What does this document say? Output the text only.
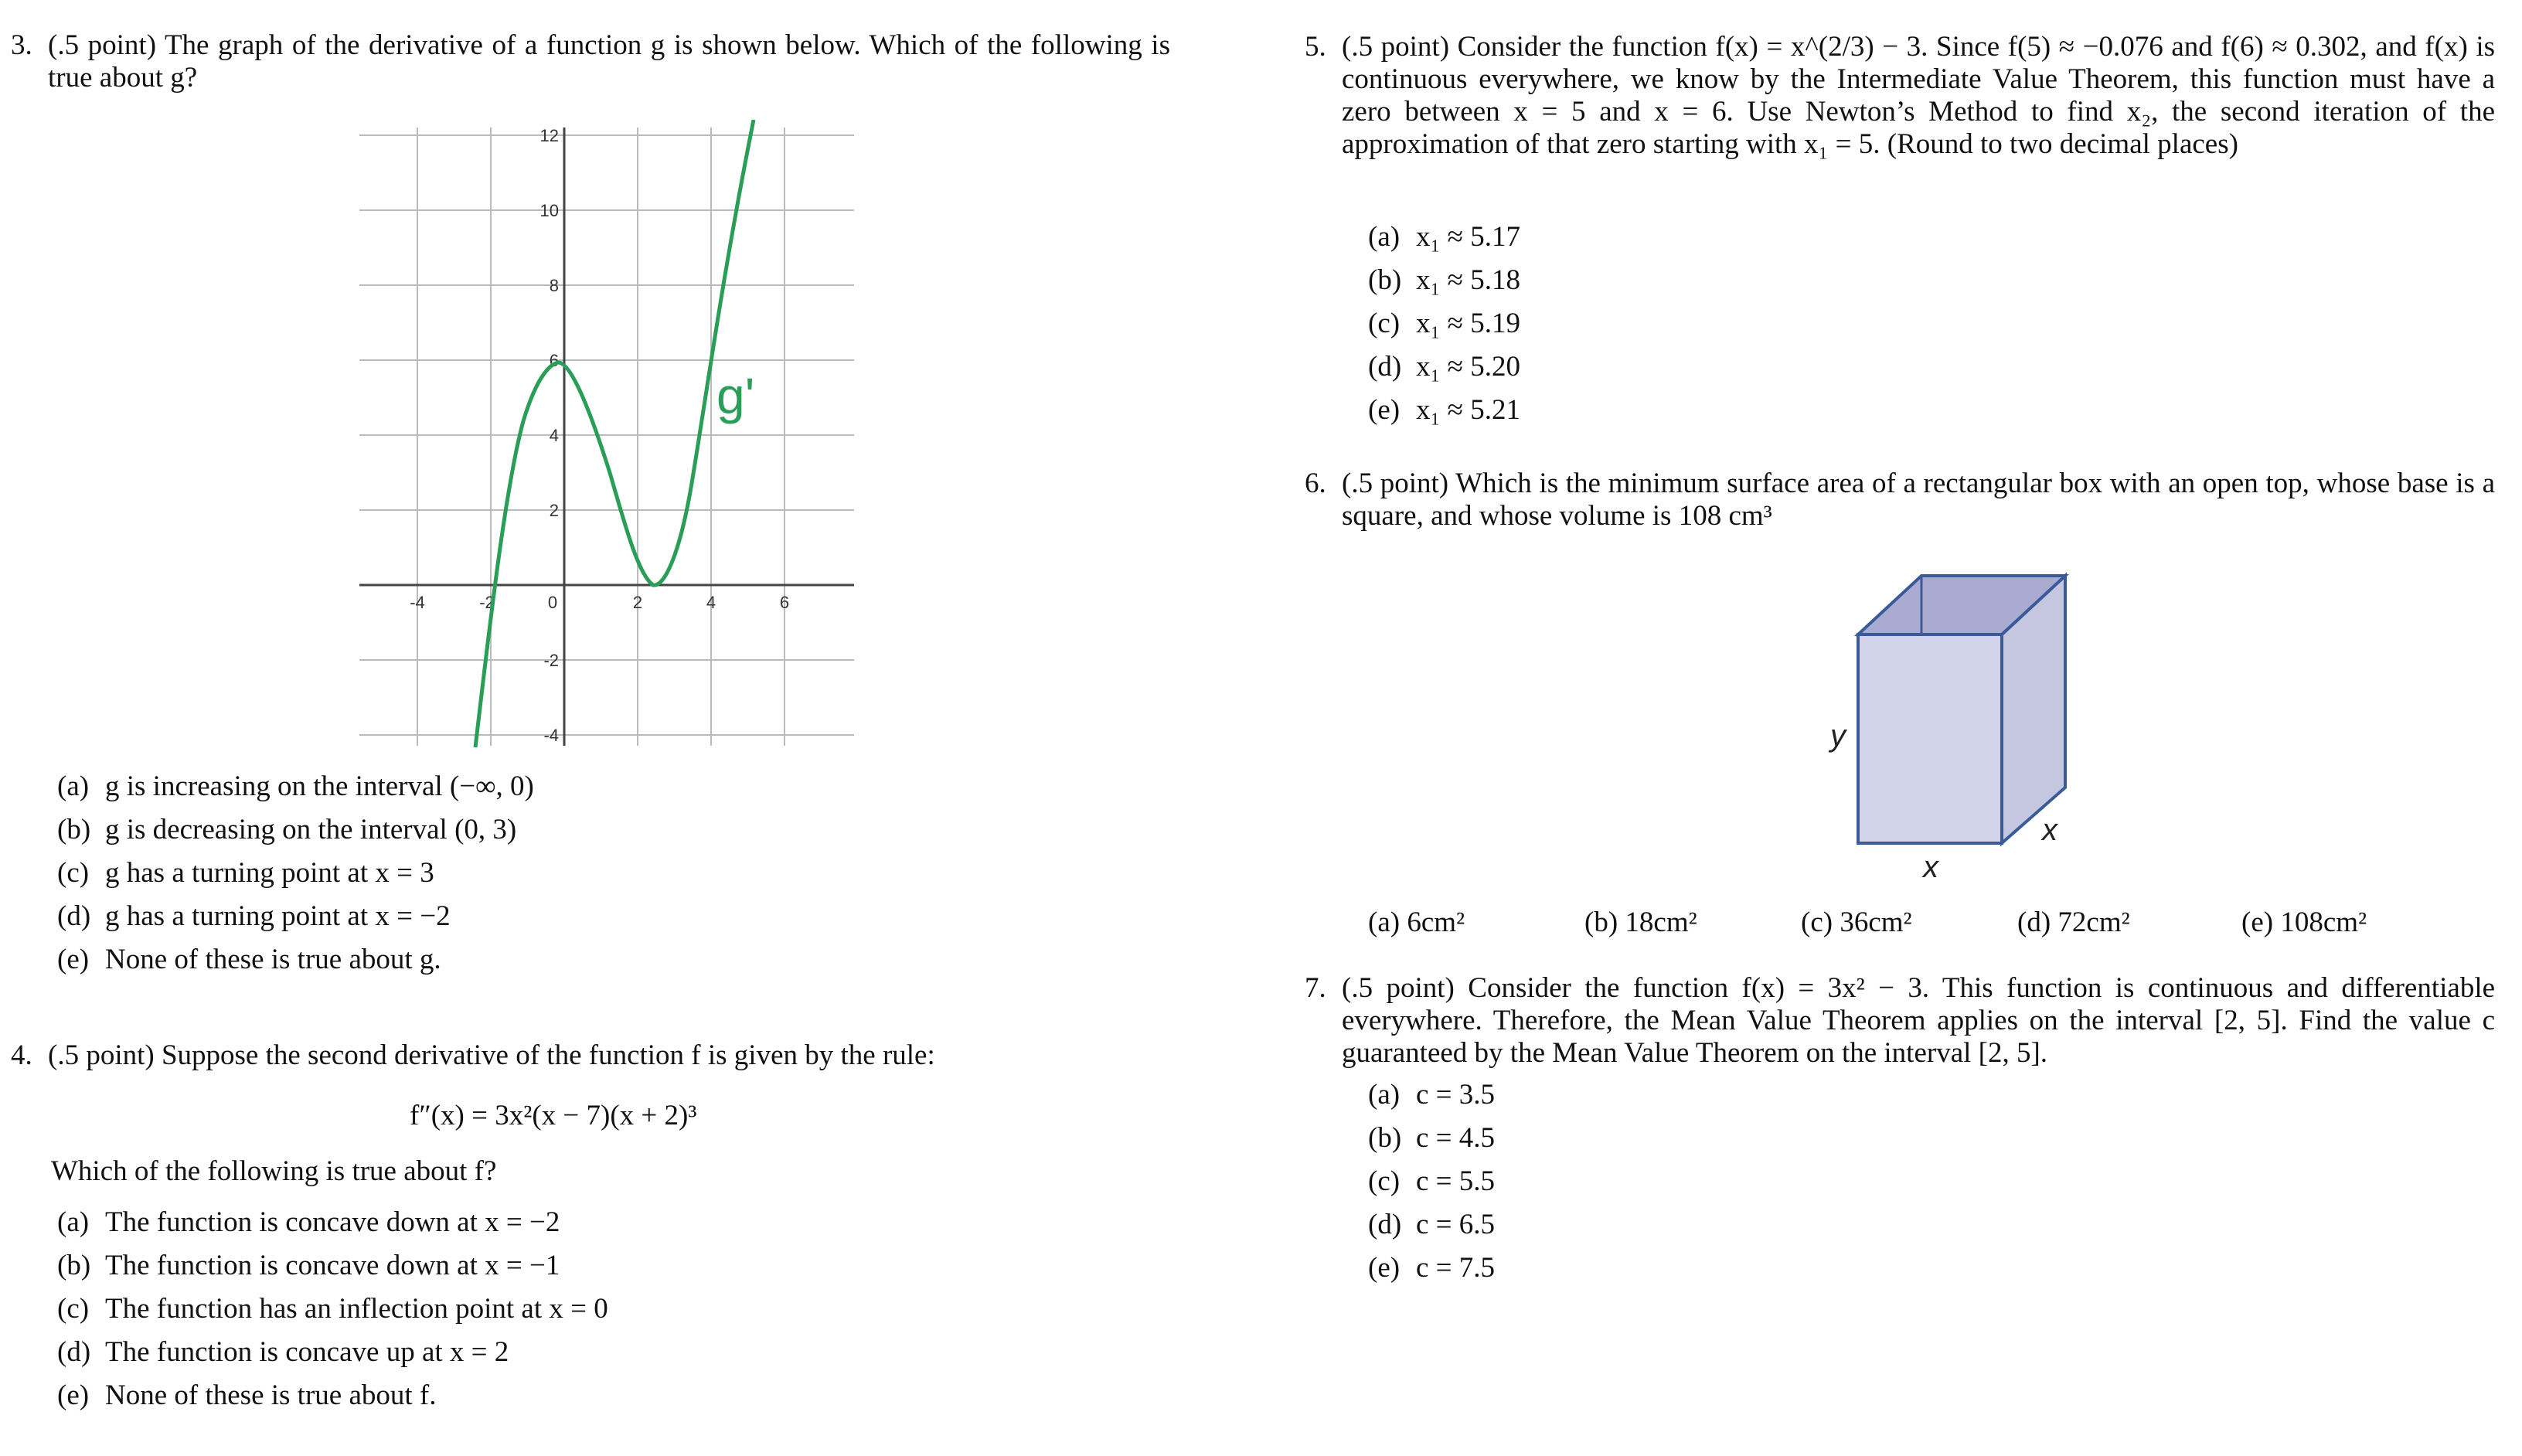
3. (.5 point) The graph of the derivative of a function g is shown below. Which of the following is true about g?
12
10
8
6
4
2
-2
-4
-4	-2	0	2	4	6
g'
(a) g is increasing on the interval (−∞, 0)
(b) g is decreasing on the interval (0, 3)
(c) g has a turning point at x = 3
(d) g has a turning point at x = −2
(e) None of these is true about g.
4. (.5 point) Suppose the second derivative of the function f is given by the rule:
f″(x) = 3x²(x − 7)(x + 2)³
Which of the following is true about f?
(a) The function is concave down at x = −2
(b) The function is concave down at x = −1
(c) The function has an inflection point at x = 0
(d) The function is concave up at x = 2
(e) None of these is true about f.
5. (.5 point) Consider the function f(x) = x^(2/3) − 3. Since f(5) ≈ −0.076 and f(6) ≈ 0.302, and f(x) is continuous everywhere, we know by the Intermediate Value Theorem, this function must have a zero between x = 5 and x = 6. Use Newton’s Method to find x₂, the second iteration of the approximation of that zero starting with x₁ = 5. (Round to two decimal places)
(a) x₁ ≈ 5.17
(b) x₁ ≈ 5.18
(c) x₁ ≈ 5.19
(d) x₁ ≈ 5.20
(e) x₁ ≈ 5.21
6. (.5 point) Which is the minimum surface area of a rectangular box with an open top, whose base is a square, and whose volume is 108 cm³
y
x
x
(a) 6cm²	(b) 18cm²	(c) 36cm²	(d) 72cm²	(e) 108cm²
7. (.5 point) Consider the function f(x) = 3x² − 3. This function is continuous and differentiable everywhere. Therefore, the Mean Value Theorem applies on the interval [2, 5]. Find the value c guaranteed by the Mean Value Theorem on the interval [2, 5].
(a) c = 3.5
(b) c = 4.5
(c) c = 5.5
(d) c = 6.5
(e) c = 7.5
